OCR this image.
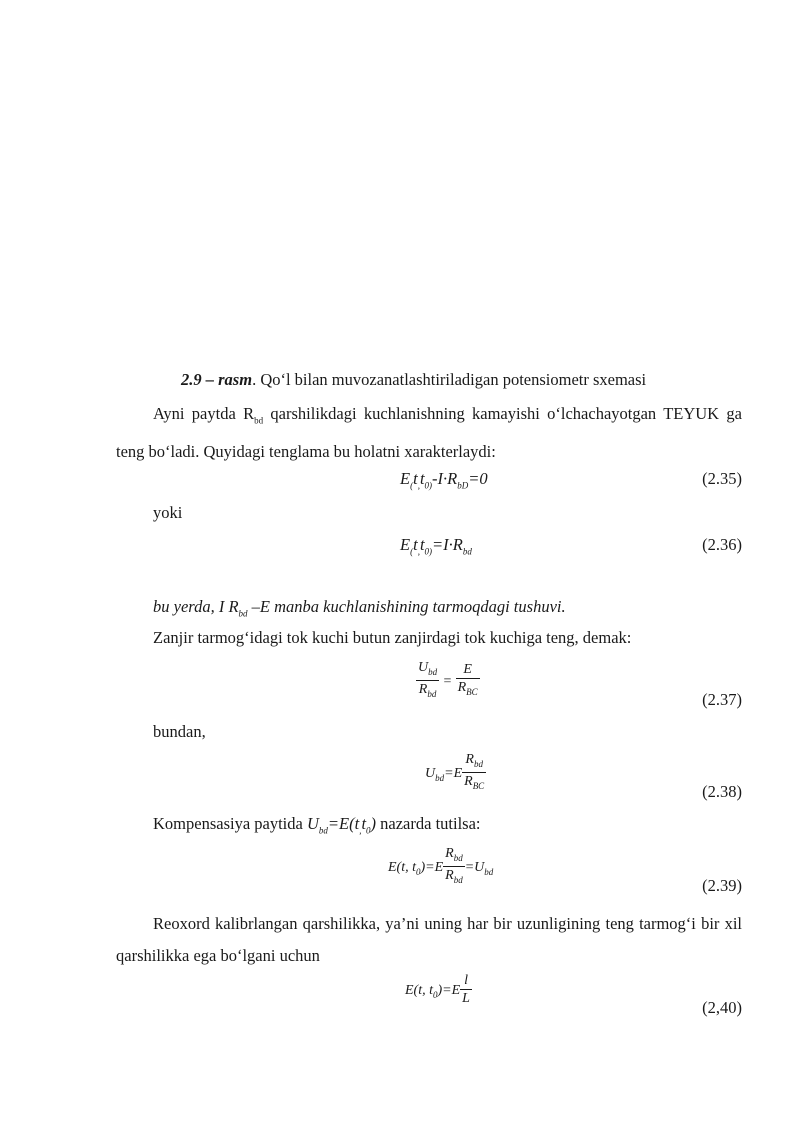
2.9 – rasm. Qo‘l bilan muvozanatlashtiriladigan potensiometr sxemasi
Ayni paytda $R_{bd}$ qarshilikdagi kuchlanishning kamayishi o‘lchachayotgan TEYUK ga teng bo‘ladi. Quyidagi tenglama bu holatni xarakterlaydi:
$E_(t_,t_{0)}-I\cdot R_{bD}=0$	(2.35)
yoki
$E_(t_,t_{0)}=I\cdot R_{bd}$	(2.36)
bu yerda, I $R_{bd}$ –E manba kuchlanishining tarmoqdagi tushuvi.
Zanjir tarmog‘idagi tok kuchi butun zanjirdagi tok kuchiga teng, demak:
$\frac{U_{bd}}{R_{bd}} = \frac{E}{R_{BC}}$	(2.37)
bundan,
$U_{bd}=E \frac{R_{bd}}{R_{BC}}$	(2.38)
Kompensasiya paytida $U_{bd}=E(t_,t_0)$ nazarda tutilsa:
E(t, $t_0)=E \frac{R_{bd}}{R_{bd}} =U_{bd}$
(2.39)
Reoxord kalibrlangan qarshilikka, ya’ni uning har bir uzunligining teng tarmog‘i bir xil qarshilikka ega bo‘lgani uchun
E(t, $t_0)=E \frac{l}{L}$	(2,40)
